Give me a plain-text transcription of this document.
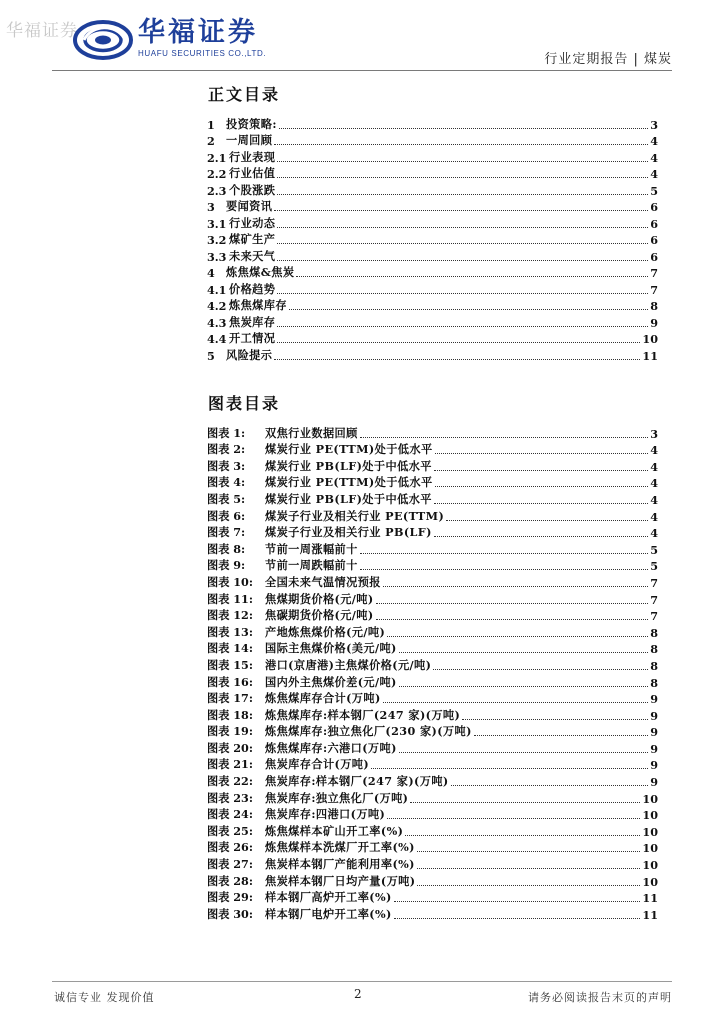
华福证券 华福证券
HUAFU SECURITIES CO.,LTD.	行业定期报告 | 煤炭
正文目录
1	投资策略:	3
2	一周回顾	4
2.1 行业表现	4
2.2 行业估值	4
2.3 个股涨跌	5
3	要闻资讯	6
3.1 行业动态	6
3.2 煤矿生产	6
3.3 未来天气	6
4	炼焦煤&焦炭	7
4.1 价格趋势	7
4.2 炼焦煤库存	8
4.3 焦炭库存	9
4.4 开工情况	10
5	风险提示	11
图表目录
图表 1:	双焦行业数据回顾	3
图表 2:	煤炭行业 PE(TTM)处于低水平	4
图表 3:	煤炭行业 PB(LF)处于中低水平	4
图表 4:	煤炭行业 PE(TTM)处于低水平	4
图表 5:	煤炭行业 PB(LF)处于中低水平	4
图表 6:	煤炭子行业及相关行业 PE(TTM)	4
图表 7:	煤炭子行业及相关行业 PB(LF)	4
图表 8:	节前一周涨幅前十	5
图表 9:	节前一周跌幅前十	5
图表 10:	全国未来气温情况预报	7
图表 11:	焦煤期货价格(元/吨)	7
图表 12:	焦碳期货价格(元/吨)	7
图表 13:	产地炼焦煤价格(元/吨)	8
图表 14:	国际主焦煤价格(美元/吨)	8
图表 15:	港口(京唐港)主焦煤价格(元/吨)	8
图表 16:	国内外主焦煤价差(元/吨)	8
图表 17:	炼焦煤库存合计(万吨)	9
图表 18:	炼焦煤库存:样本钢厂(247 家)(万吨)	9
图表 19:	炼焦煤库存:独立焦化厂(230 家)(万吨)	9
图表 20:	炼焦煤库存:六港口(万吨)	9
图表 21:	焦炭库存合计(万吨)	9
图表 22:	焦炭库存:样本钢厂(247 家)(万吨)	9
图表 23:	焦炭库存:独立焦化厂(万吨)	10
图表 24:	焦炭库存:四港口(万吨)	10
图表 25:	炼焦煤样本矿山开工率(%)	10
图表 26:	炼焦煤样本洗煤厂开工率(%)	10
图表 27:	焦炭样本钢厂产能利用率(%)	10
图表 28:	焦炭样本钢厂日均产量(万吨)	10
图表 29:	样本钢厂高炉开工率(%)	11
图表 30:	样本钢厂电炉开工率(%)	11
诚信专业 发现价值	2	请务必阅读报告末页的声明
